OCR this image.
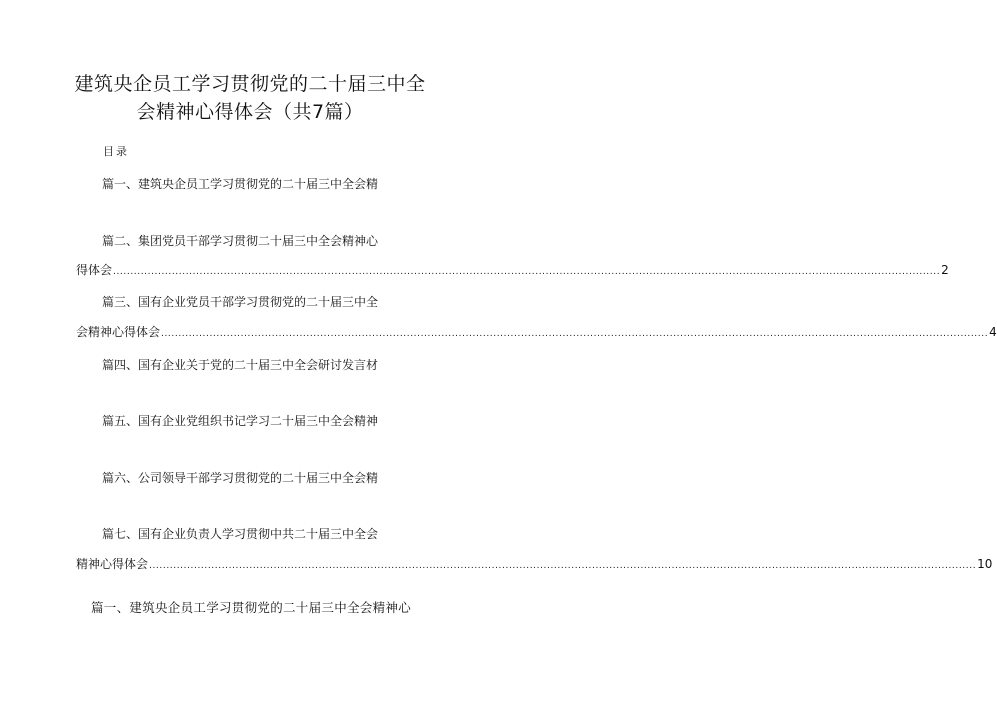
建筑央企员工学习贯彻党的二十届三中全
会精神心得体会（共7篇）
目录
篇一、建筑央企员工学习贯彻党的二十届三中全会精
篇二、集团党员干部学习贯彻二十届三中全会精神心
得体会 ............................................................................................................................................................................................................................................... 2
篇三、国有企业党员干部学习贯彻党的二十届三中全
会精神心得体会 ............................................................................................................................................................................................................................................... 4
篇四、国有企业关于党的二十届三中全会研讨发言材
篇五、国有企业党组织书记学习二十届三中全会精神
篇六、公司领导干部学习贯彻党的二十届三中全会精
篇七、国有企业负责人学习贯彻中共二十届三中全会
精神心得体会 ............................................................................................................................................................................................................................................... 10
篇一、建筑央企员工学习贯彻党的二十届三中全会精神心
